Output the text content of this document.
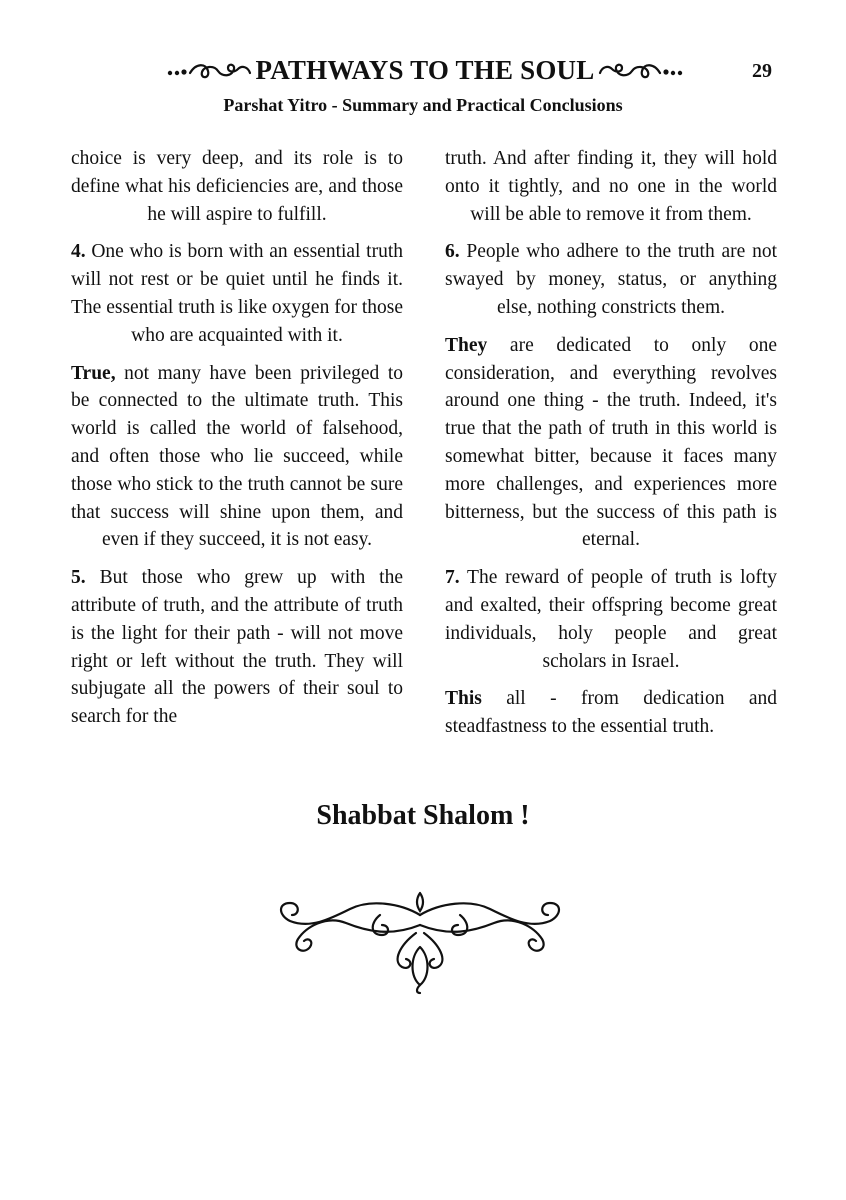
PATHWAYS TO THE SOUL	29
Parshat Yitro - Summary and Practical Conclusions

choice is very deep, and its role is to define what his deficiencies are, and those he will aspire to fulfill.

4. One who is born with an essential truth will not rest or be quiet until he finds it. The essential truth is like oxygen for those who are acquainted with it.

True, not many have been privileged to be connected to the ultimate truth. This world is called the world of falsehood, and often those who lie succeed, while those who stick to the truth cannot be sure that success will shine upon them, and even if they succeed, it is not easy.

5. But those who grew up with the attribute of truth, and the attribute of truth is the light for their path - will not move right or left without the truth. They will subjugate all the powers of their soul to search for the

truth. And after finding it, they will hold onto it tightly, and no one in the world will be able to remove it from them.

6. People who adhere to the truth are not swayed by money, status, or anything else, nothing constricts them.

They are dedicated to only one consideration, and everything revolves around one thing - the truth. Indeed, it's true that the path of truth in this world is somewhat bitter, because it faces many more challenges, and experiences more bitterness, but the success of this path is eternal.

7. The reward of people of truth is lofty and exalted, their offspring become great individuals, holy people and great scholars in Israel.

This all - from dedication and steadfastness to the essential truth.

Shabbat Shalom !
